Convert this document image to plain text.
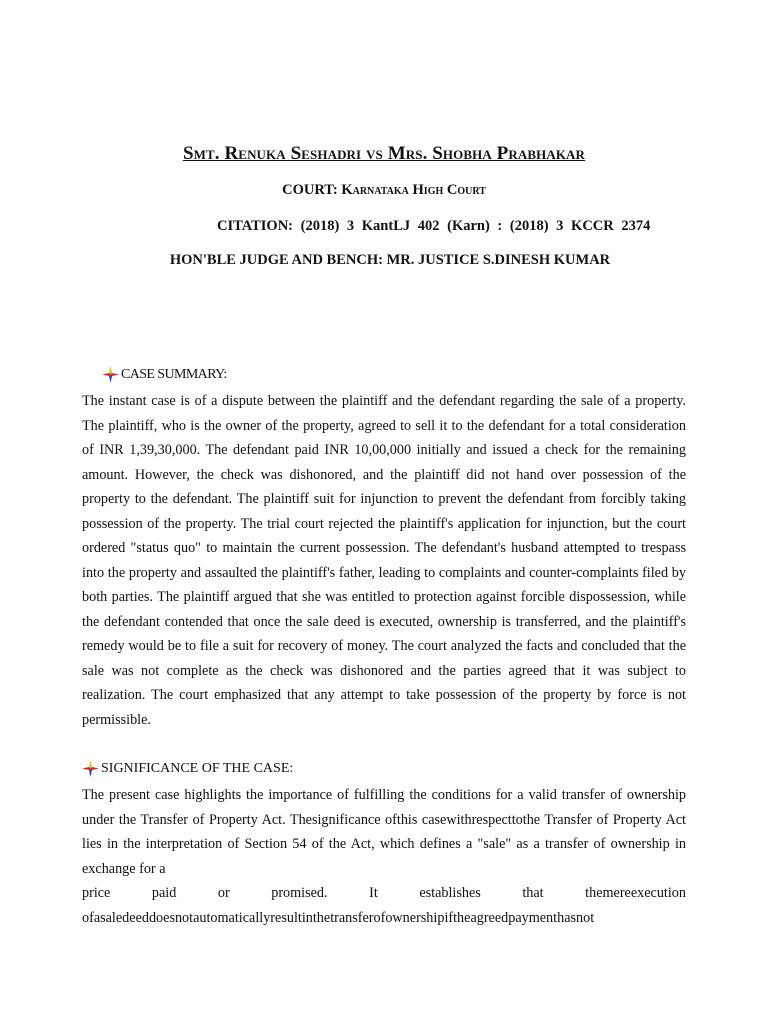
Smt. Renuka Seshadri vs Mrs. Shobha Prabhakar
COURT: Karnataka High Court
CITATION: (2018) 3 KantLJ 402 (Karn) : (2018) 3 KCCR 2374
HON'BLE JUDGE AND BENCH: MR. JUSTICE S.DINESH KUMAR
CASE SUMMARY:
The instant case is of a dispute between the plaintiff and the defendant regarding the sale of a property. The plaintiff, who is the owner of the property, agreed to sell it to the defendant for a total consideration of INR 1,39,30,000. The defendant paid INR 10,00,000 initially and issued a check for the remaining amount. However, the check was dishonored, and the plaintiff did not hand over possession of the property to the defendant. The plaintiff suit for injunction to prevent the defendant from forcibly taking possession of the property. The trial court rejected the plaintiff's application for injunction, but the court ordered "status quo" to maintain the current possession. The defendant's husband attempted to trespass into the property and assaulted the plaintiff's father, leading to complaints and counter-complaints filed by both parties. The plaintiff argued that she was entitled to protection against forcible dispossession, while the defendant contended that once the sale deed is executed, ownership is transferred, and the plaintiff's remedy would be to file a suit for recovery of money. The court analyzed the facts and concluded that the sale was not complete as the check was dishonored and the parties agreed that it was subject to realization. The court emphasized that any attempt to take possession of the property by force is not permissible.
SIGNIFICANCE OF THE CASE:
The present case highlights the importance of fulfilling the conditions for a valid transfer of ownership under the Transfer of Property Act. Thesignificance ofthis casewithrespecttothe Transfer of Property Act lies in the interpretation of Section 54 of the Act, which defines a "sale" as a transfer of ownership in exchange for a
price paid or promised. It establishes that themereexecution
ofasaledeeddoesnotautomaticallyresultinthetransferofownershipiftheagreedpaymenthasnot
